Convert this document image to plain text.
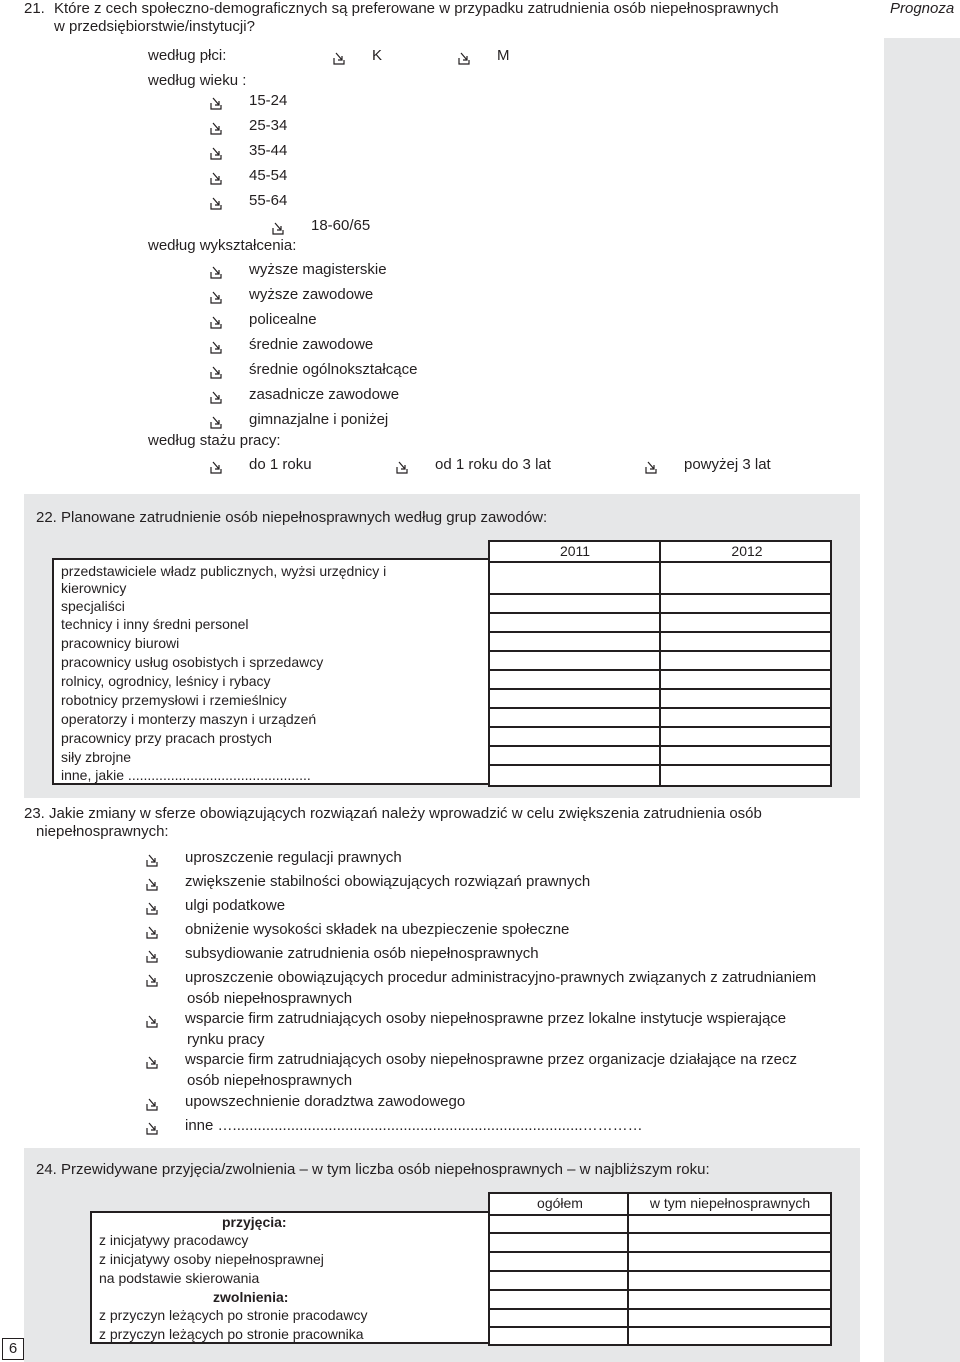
Prognoza
21. Które z cech społeczno-demograficznych są preferowane w przypadku zatrudnienia osób niepełnosprawnych
w przedsiębiorstwie/instytucji?
według płci:	K	M
według wieku :
15-24
25-34
35-44
45-54
55-64
18-60/65
według wykształcenia:
wyższe magisterskie
wyższe zawodowe
policealne
średnie zawodowe
średnie ogólnokształcące
zasadnicze zawodowe
gimnazjalne i poniżej
według stażu pracy:
do 1 roku	od 1 roku do 3 lat	powyżej 3 lat
22. Planowane zatrudnienie osób niepełnosprawnych według grup zawodów:

2011	2012
przedstawiciele władz publicznych, wyżsi urzędnicy i
kierownicy
specjaliści
technicy i inny średni personel
pracownicy biurowi
pracownicy usług osobistych i sprzedawcy
rolnicy, ogrodnicy, leśnicy i rybacy
robotnicy przemysłowi i rzemieślnicy
operatorzy i monterzy maszyn i urządzeń
pracownicy przy pracach prostych
siły zbrojne
inne, jakie ...............................................
23. Jakie zmiany w sferze obowiązujących rozwiązań należy wprowadzić w celu zwiększenia zatrudnienia osób
niepełnosprawnych:
uproszczenie regulacji prawnych
zwiększenie stabilności obowiązujących rozwiązań prawnych
ulgi podatkowe
obniżenie wysokości składek na ubezpieczenie społeczne
subsydiowanie zatrudnienia osób niepełnosprawnych
uproszczenie obowiązujących procedur administracyjno-prawnych związanych z zatrudnianiem
osób niepełnosprawnych
wsparcie firm zatrudniających osoby niepełnosprawne przez lokalne instytucje wspierające
rynku pracy
wsparcie firm zatrudniających osoby niepełnosprawne przez organizacje działające na rzecz
osób niepełnosprawnych
upowszechnienie doradztwa zawodowego
inne …....................................................................................…………
24. Przewidywane przyjęcia/zwolnienia – w tym liczba osób niepełnosprawnych – w najbliższym roku:

ogółem	w tym niepełnosprawnych
przyjęcia:
z inicjatywy pracodawcy
z inicjatywy osoby niepełnosprawnej
na podstawie skierowania
zwolnienia:
z przyczyn leżących po stronie pracodawcy
z przyczyn leżących po stronie pracownika
6
